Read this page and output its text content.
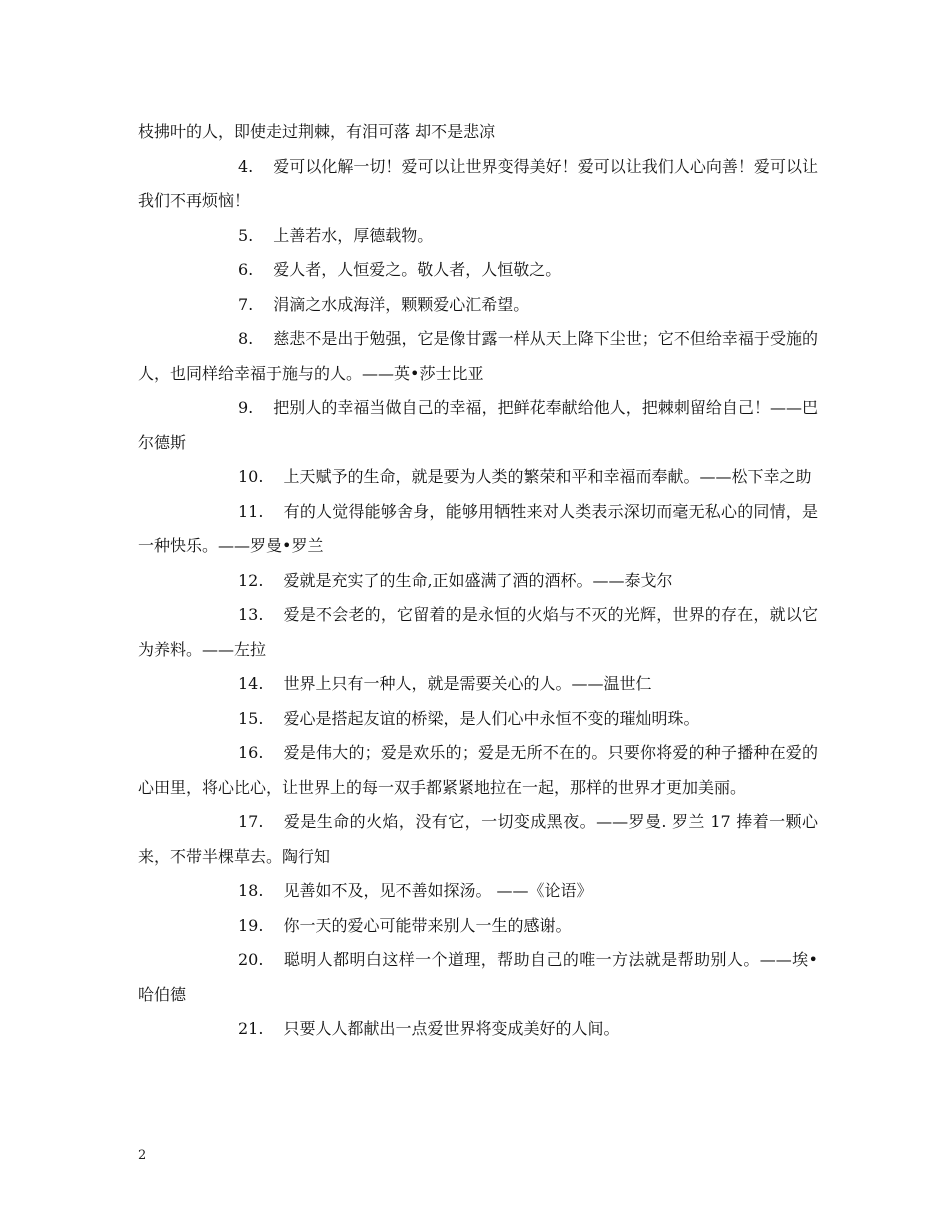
枝拂叶的人，即使走过荆棘，有泪可落 却不是悲凉

4. 爱可以化解一切！爱可以让世界变得美好！爱可以让我们人心向善！爱可以让我们不再烦恼！

5. 上善若水，厚德载物。

6. 爱人者，人恒爱之。敬人者，人恒敬之。

7. 涓滴之水成海洋，颗颗爱心汇希望。

8. 慈悲不是出于勉强，它是像甘露一样从天上降下尘世；它不但给幸福于受施的人，也同样给幸福于施与的人。——英•莎士比亚

9. 把别人的幸福当做自己的幸福，把鲜花奉献给他人，把棘刺留给自己！——巴尔德斯

10. 上天赋予的生命，就是要为人类的繁荣和平和幸福而奉献。——松下幸之助

11. 有的人觉得能够舍身，能够用牺牲来对人类表示深切而毫无私心的同情，是一种快乐。——罗曼•罗兰

12. 爱就是充实了的生命,正如盛满了酒的酒杯。——泰戈尔

13. 爱是不会老的，它留着的是永恒的火焰与不灭的光辉，世界的存在，就以它为养料。——左拉

14. 世界上只有一种人，就是需要关心的人。——温世仁

15. 爱心是搭起友谊的桥梁，是人们心中永恒不变的璀灿明珠。

16. 爱是伟大的；爱是欢乐的；爱是无所不在的。只要你将爱的种子播种在爱的心田里，将心比心，让世界上的每一双手都紧紧地拉在一起，那样的世界才更加美丽。

17. 爱是生命的火焰，没有它，一切变成黑夜。——罗曼. 罗兰 17 捧着一颗心来，不带半棵草去。陶行知

18. 见善如不及，见不善如探汤。 ——《论语》

19. 你一天的爱心可能带来别人一生的感谢。

20. 聪明人都明白这样一个道理，帮助自己的唯一方法就是帮助别人。——埃•哈伯德

21. 只要人人都献出一点爱世界将变成美好的人间。

2
